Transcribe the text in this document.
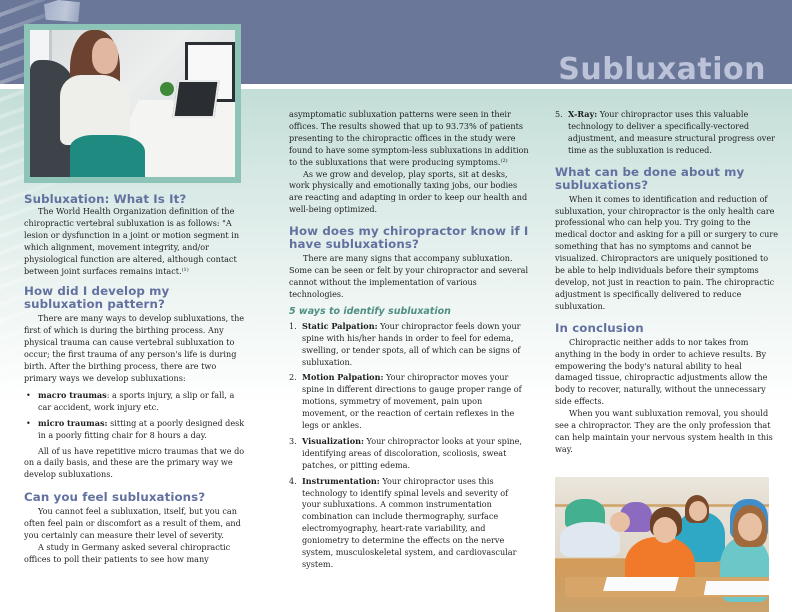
Subluxation
Subluxation: What Is It?

The World Health Organization definition of the chiropractic vertebral subluxation is as follows: "A lesion or dysfunction in a joint or motion segment in which alignment, movement integrity, and/or physiological function are altered, although contact between joint surfaces remains intact.$^{(1)}$

How did I develop my subluxation pattern?

There are many ways to develop subluxations, the first of which is during the birthing process. Any physical trauma can cause vertebral subluxation to occur; the first trauma of any person's life is during birth. After the birthing process, there are two primary ways we develop subluxations:

• macro traumas: a sports injury, a slip or fall, a car accident, work injury etc.
• micro traumas: sitting at a poorly designed desk in a poorly fitting chair for 8 hours a day.

All of us have repetitive micro traumas that we do on a daily basis, and these are the primary way we develop subluxations.

Can you feel subluxations?

You cannot feel a subluxation, itself, but you can often feel pain or discomfort as a result of them, and you certainly can measure their level of severity.

A study in Germany asked several chiropractic offices to poll their patients to see how many

asymptomatic subluxation patterns were seen in their offices. The results showed that up to 93.73% of patients presenting to the chiropractic offices in the study were found to have some symptom-less subluxations in addition to the subluxations that were producing symptoms.$^{(2)}$

As we grow and develop, play sports, sit at desks, work physically and emotionally taxing jobs, our bodies are reacting and adapting in order to keep our health and well-being optimized.

How does my chiropractor know if I have subluxations?

There are many signs that accompany subluxation. Some can be seen or felt by your chiropractor and several cannot without the implementation of various technologies.

5 ways to identify subluxation
1. Static Palpation: Your chiropractor feels down your spine with his/her hands in order to feel for edema, swelling, or tender spots, all of which can be signs of subluxation.
2. Motion Palpation: Your chiropractor moves your spine in different directions to gauge proper range of motions, symmetry of movement, pain upon movement, or the reaction of certain reflexes in the legs or ankles.
3. Visualization: Your chiropractor looks at your spine, identifying areas of discoloration, scoliosis, sweat patches, or pitting edema.
4. Instrumentation: Your chiropractor uses this technology to identify spinal levels and severity of your subluxations. A common instrumentation combination can include thermography, surface electromyography, heart-rate variability, and goniometry to determine the effects on the nerve system, musculoskeletal system, and cardiovascular system.
5. X-Ray: Your chiropractor uses this valuable technology to deliver a specifically-vectored adjustment, and measure structural progress over time as the subluxation is reduced.
What can be done about my subluxations?

When it comes to identification and reduction of subluxation, your chiropractor is the only health care professional who can help you. Try going to the medical doctor and asking for a pill or surgery to cure something that has no symptoms and cannot be visualized. Chiropractors are uniquely positioned to be able to help individuals before their symptoms develop, not just in reaction to pain. The chiropractic adjustment is specifically delivered to reduce subluxation.

In conclusion

Chiropractic neither adds to nor takes from anything in the body in order to achieve results. By empowering the body's natural ability to heal damaged tissue, chiropractic adjustments allow the body to recover, naturally, without the unnecessary side effects.

When you want subluxation removal, you should see a chiropractor. They are the only profession that can help maintain your nervous system health in this way.
